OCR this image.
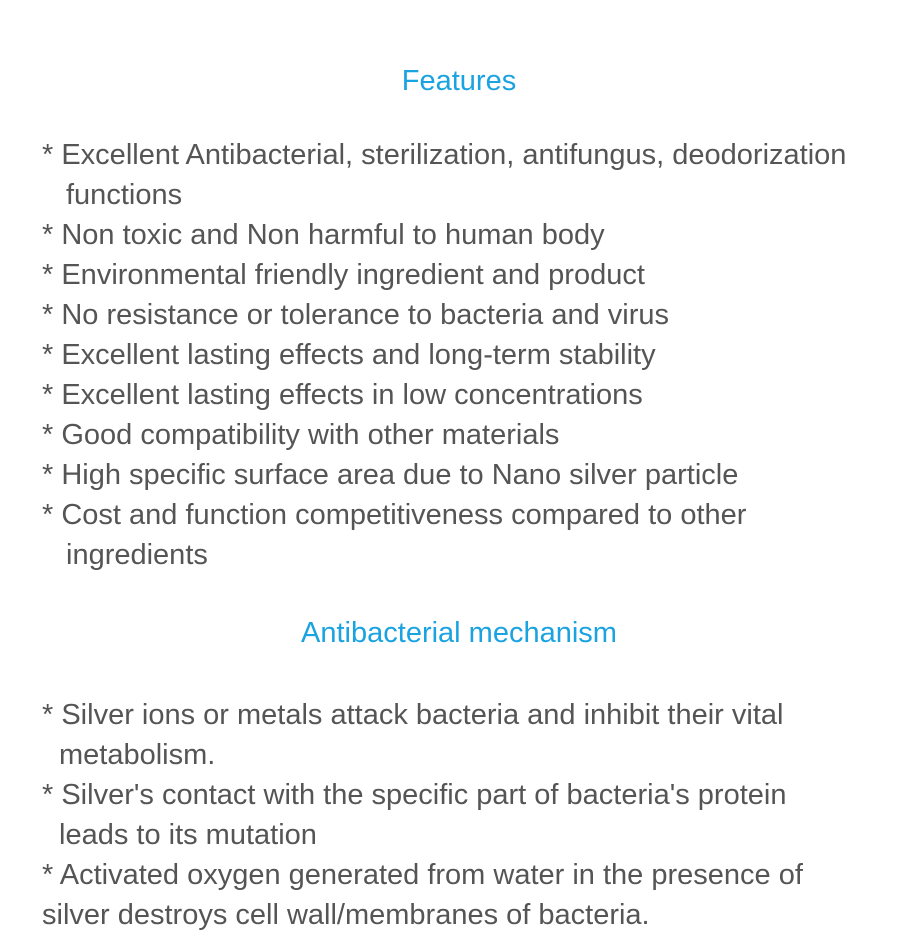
Features
* Excellent Antibacterial, sterilization, antifungus, deodorization
functions
* Non toxic and Non harmful to human body
* Environmental friendly ingredient and product
* No resistance or tolerance to bacteria and virus
* Excellent lasting effects and long-term stability
* Excellent lasting effects in low concentrations
* Good compatibility with other materials
* High specific surface area due to Nano silver particle
* Cost and function competitiveness compared to other
ingredients
Antibacterial mechanism
* Silver ions or metals attack bacteria and inhibit their vital
metabolism.
* Silver's contact with the specific part of bacteria's protein
leads to its mutation
* Activated oxygen generated from water in the presence of
silver destroys cell wall/membranes of bacteria.
